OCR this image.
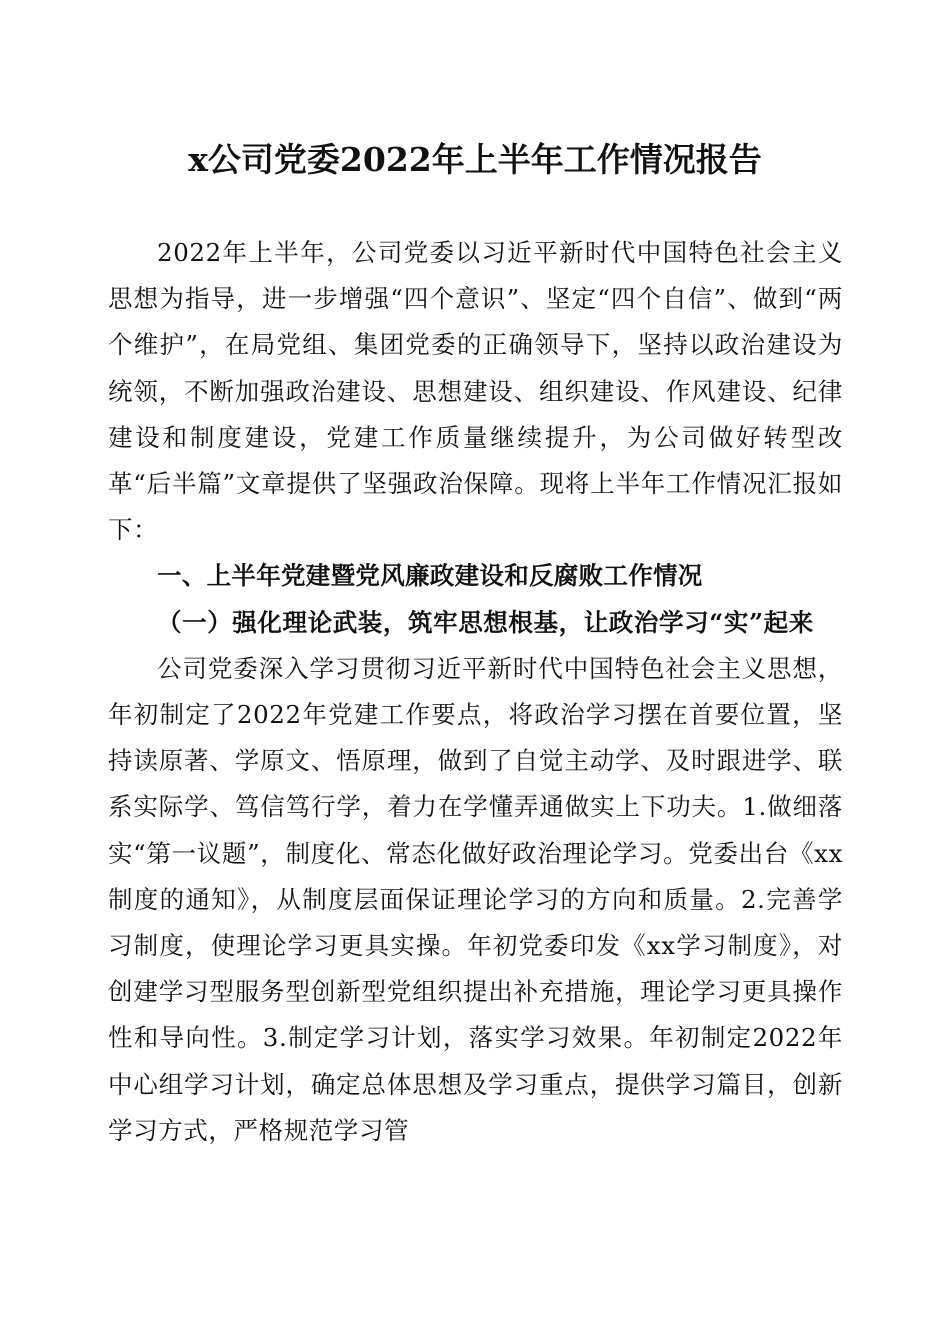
x公司党委2022年上半年工作情况报告

2022年上半年，公司党委以习近平新时代中国特色社会主义思想为指导，进一步增强“四个意识”、坚定“四个自信”、做到“两个维护”，在局党组、集团党委的正确领导下，坚持以政治建设为统领，不断加强政治建设、思想建设、组织建设、作风建设、纪律建设和制度建设，党建工作质量继续提升，为公司做好转型改革“后半篇”文章提供了坚强政治保障。现将上半年工作情况汇报如下：

一、上半年党建暨党风廉政建设和反腐败工作情况

（一）强化理论武装，筑牢思想根基，让政治学习“实”起来

公司党委深入学习贯彻习近平新时代中国特色社会主义思想，年初制定了2022年党建工作要点，将政治学习摆在首要位置，坚持读原著、学原文、悟原理，做到了自觉主动学、及时跟进学、联系实际学、笃信笃行学，着力在学懂弄通做实上下功夫。1.做细落实“第一议题”，制度化、常态化做好政治理论学习。党委出台《xx制度的通知》，从制度层面保证理论学习的方向和质量。2.完善学习制度，使理论学习更具实操。年初党委印发《xx学习制度》，对创建学习型服务型创新型党组织提出补充措施，理论学习更具操作性和导向性。3.制定学习计划，落实学习效果。年初制定2022年中心组学习计划，确定总体思想及学习重点，提供学习篇目，创新学习方式，严格规范学习管
